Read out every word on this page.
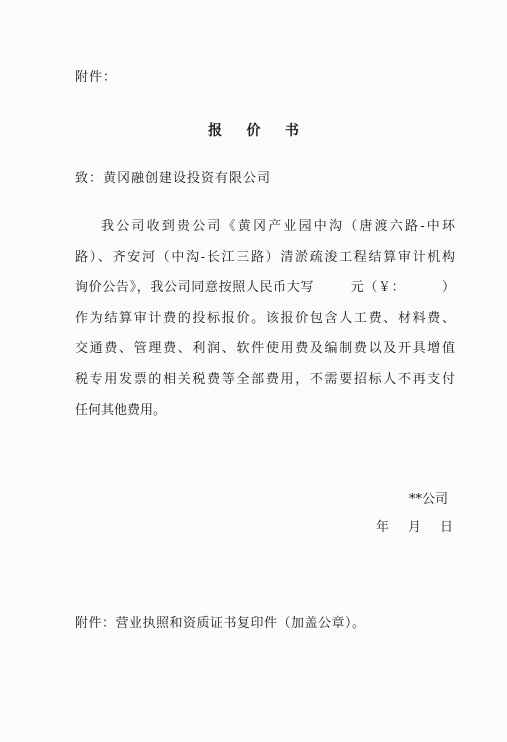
附件：
报 价 书
致：黄冈融创建设投资有限公司
我公司收到贵公司《黄冈产业园中沟（唐渡六路-中环
路）、齐安河（中沟-长江三路）清淤疏浚工程结算审计机构
询价公告》，我公司同意按照人民币大写	元（￥：	）
作为结算审计费的投标报价。该报价包含人工费、材料费、
交通费、管理费、利润、软件使用费及编制费以及开具增值
税专用发票的相关税费等全部费用，不需要招标人不再支付
任何其他费用。
**公司
年 月 日
附件：营业执照和资质证书复印件（加盖公章）。
